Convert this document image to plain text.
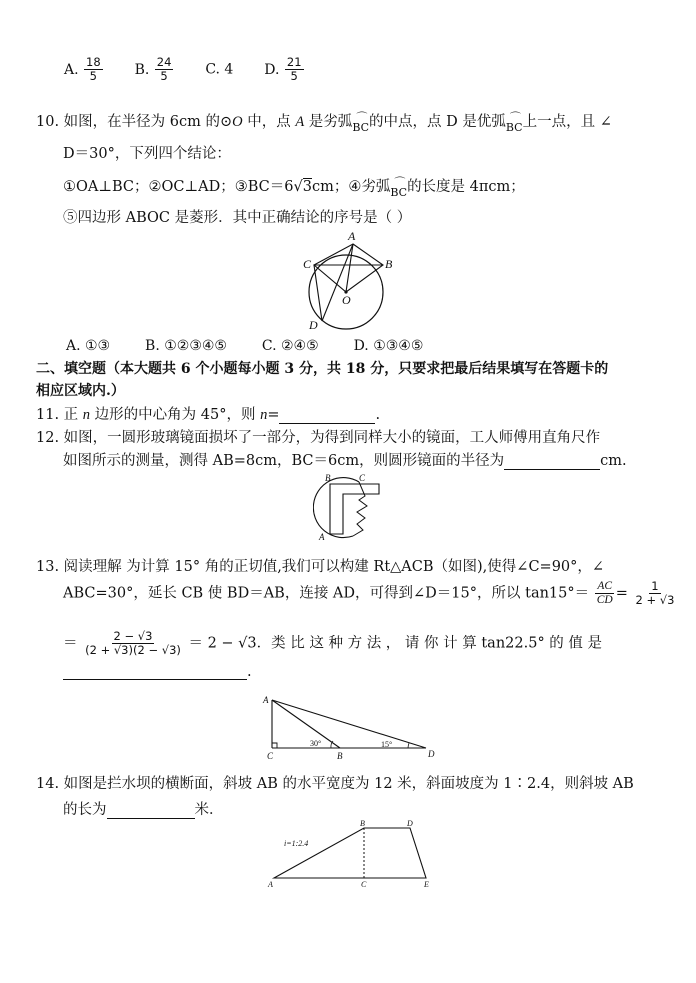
A. $\frac{18}{5} B$. $\frac{24}{5} C$. 4 D. $\frac{21}{5}$
10. 如图，在半径为 6cm 的⊙O 中，点 A 是劣弧 $_{⌒ BC}$的中点，点 D 是优弧 $_{⌒ BC}$上一点，且 ∠
D＝30°，下列四个结论：
①OA⊥BC；②OC⊥AD；③BC＝6√3cm；④劣弧 $_{⌒ BC}$的长度是 4πcm；
⑤四边形 ABOC 是菱形．其中正确结论的序号是（ ）
A
B
C
O
D
A. ①③ B. ①②③④⑤ C. ②④⑤ D. ①③④⑤
二、填空题（本大题共 6 个小题每小题 3 分，共 18 分，只要求把最后结果填写在答题卡的
相应区域内.）
11. 正 n 边形的中心角为 45°，则 n=	.
12. 如图，一圆形玻璃镜面损坏了一部分，为得到同样大小的镜面，工人师傅用直角尺作
如图所示的测量，测得 AB=8cm，BC＝6cm，则圆形镜面的半径为	cm.
B	C
A
13. 阅读理解 为计算 15° 角的正切值,我们可以构建 Rt△ACB（如图),使得∠C=90°，∠
ABC=30°，延长 CB 使 BD＝AB，连接 AD，可得到∠D＝15°，所以 $\tan 15^\circ= \frac{AC}{CD} = \frac{1}{2 + √3}$
＝ $\frac{2 - √3}{(2 + √3)(2 - √3)} = 2 - √3$．类 比 这 种 方 法 ， 请 你 计 算 tan22.5° 的 值 是
.
A
C	B	D
30°	15°
14. 如图是拦水坝的横断面，斜坡 AB 的水平宽度为 12 米，斜面坡度为 1∶2.4，则斜坡 AB
的长为	米．
i=1:2.4
B	D
A	C	E
